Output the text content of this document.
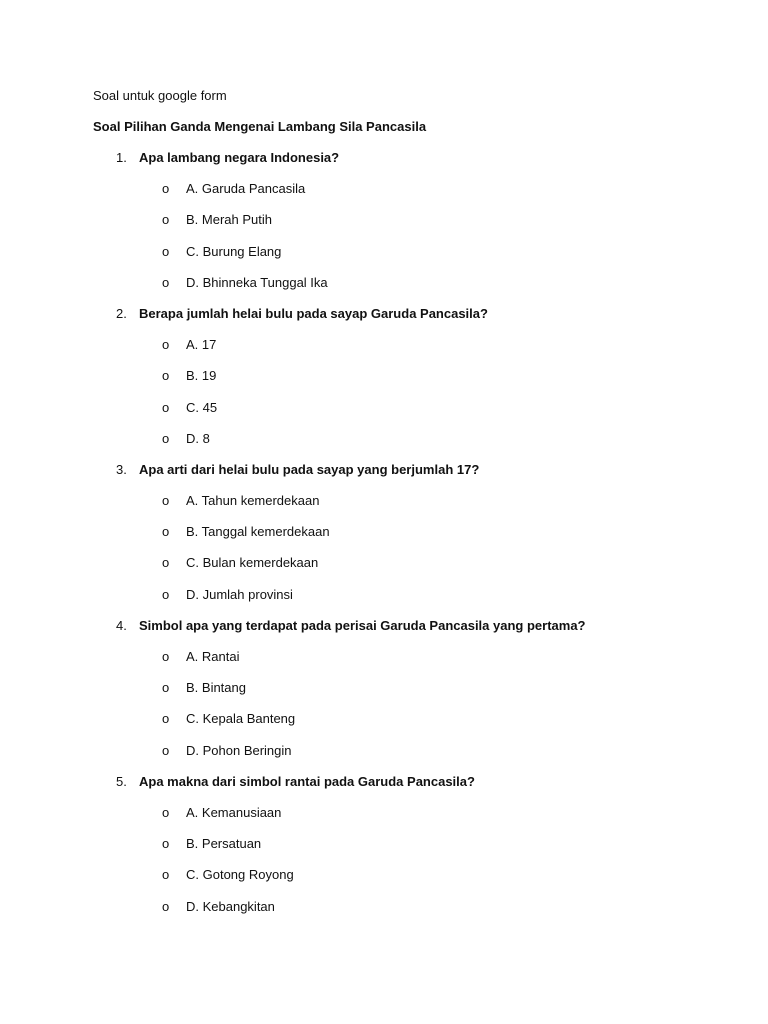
Soal untuk google form
Soal Pilihan Ganda Mengenai Lambang Sila Pancasila
1. Apa lambang negara Indonesia?
o A. Garuda Pancasila
o B. Merah Putih
o C. Burung Elang
o D. Bhinneka Tunggal Ika
2. Berapa jumlah helai bulu pada sayap Garuda Pancasila?
o A. 17
o B. 19
o C. 45
o D. 8
3. Apa arti dari helai bulu pada sayap yang berjumlah 17?
o A. Tahun kemerdekaan
o B. Tanggal kemerdekaan
o C. Bulan kemerdekaan
o D. Jumlah provinsi
4. Simbol apa yang terdapat pada perisai Garuda Pancasila yang pertama?
o A. Rantai
o B. Bintang
o C. Kepala Banteng
o D. Pohon Beringin
5. Apa makna dari simbol rantai pada Garuda Pancasila?
o A. Kemanusiaan
o B. Persatuan
o C. Gotong Royong
o D. Kebangkitan
